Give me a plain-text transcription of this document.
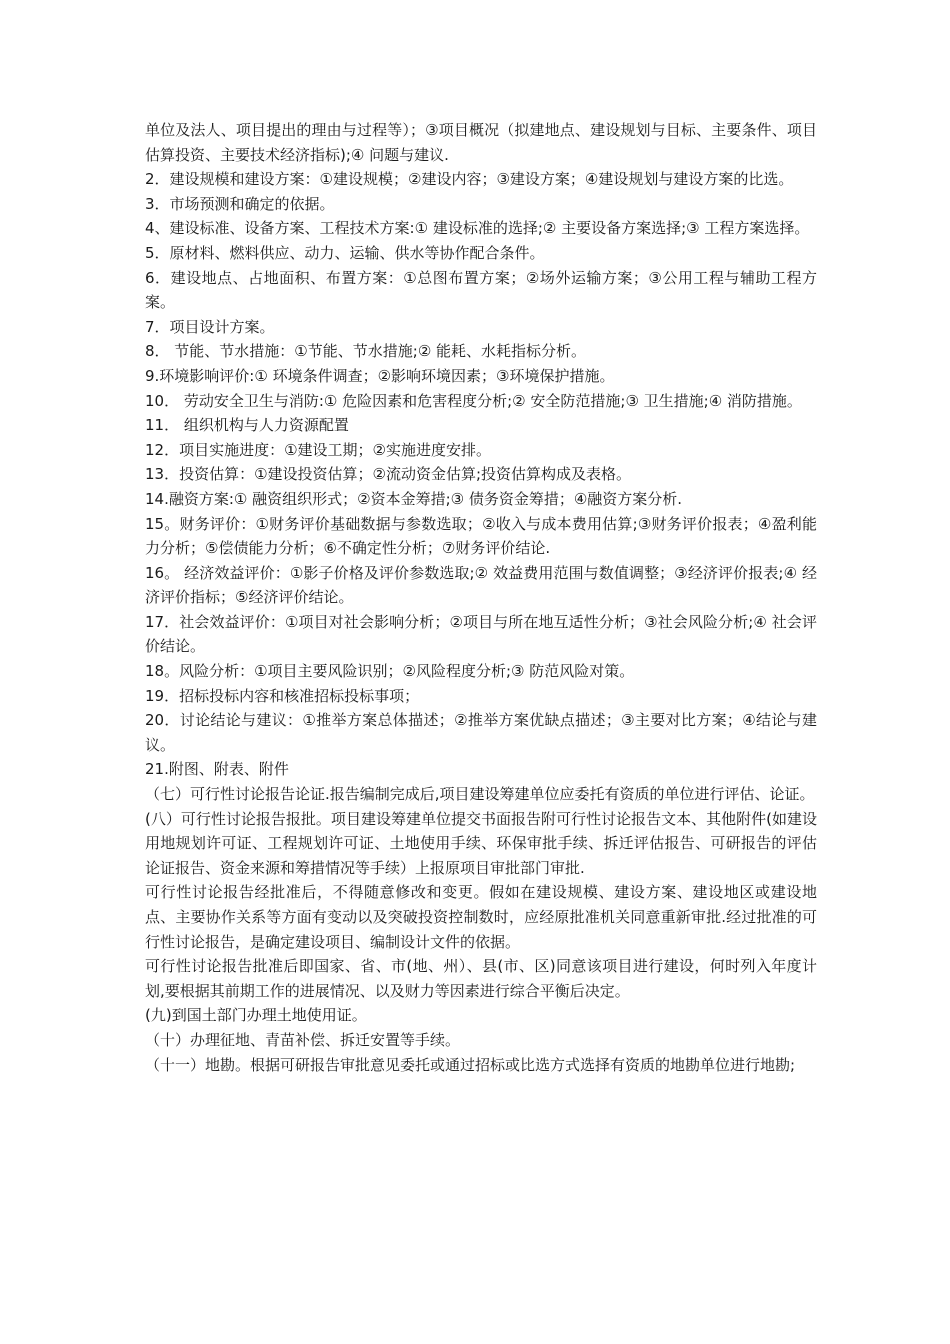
单位及法人、项目提出的理由与过程等）；③项目概况（拟建地点、建设规划与目标、主要条件、项目估算投资、主要技术经济指标);④ 问题与建议.

2．建设规模和建设方案：①建设规模；②建设内容；③建设方案；④建设规划与建设方案的比选。

3．市场预测和确定的依据。

4、建设标准、设备方案、工程技术方案:① 建设标准的选择;② 主要设备方案选择;③ 工程方案选择。

5．原材料、燃料供应、动力、运输、供水等协作配合条件。

6．建设地点、占地面积、布置方案：①总图布置方案；②场外运输方案；③公用工程与辅助工程方案。

7．项目设计方案。

8． 节能、节水措施：①节能、节水措施;② 能耗、水耗指标分析。

9.环境影响评价:① 环境条件调查；②影响环境因素；③环境保护措施。

10． 劳动安全卫生与消防:① 危险因素和危害程度分析;② 安全防范措施;③ 卫生措施;④ 消防措施。

11． 组织机构与人力资源配置

12．项目实施进度：①建设工期；②实施进度安排。

13．投资估算：①建设投资估算；②流动资金估算;投资估算构成及表格。

14.融资方案:① 融资组织形式；②资本金筹措;③ 债务资金筹措；④融资方案分析.

15。财务评价：①财务评价基础数据与参数选取；②收入与成本费用估算;③财务评价报表；④盈利能力分析；⑤偿债能力分析；⑥不确定性分析；⑦财务评价结论.

16。 经济效益评价：①影子价格及评价参数选取;② 效益费用范围与数值调整；③经济评价报表;④ 经济评价指标；⑤经济评价结论。

17．社会效益评价：①项目对社会影响分析；②项目与所在地互适性分析；③社会风险分析;④ 社会评价结论。

18。风险分析：①项目主要风险识别；②风险程度分析;③ 防范风险对策。

19．招标投标内容和核准招标投标事项；

20．讨论结论与建议：①推举方案总体描述；②推举方案优缺点描述；③主要对比方案；④结论与建议。

21.附图、附表、附件

（七）可行性讨论报告论证.报告编制完成后,项目建设筹建单位应委托有资质的单位进行评估、论证。

(八）可行性讨论报告报批。项目建设筹建单位提交书面报告附可行性讨论报告文本、其他附件(如建设用地规划许可证、工程规划许可证、土地使用手续、环保审批手续、拆迁评估报告、可研报告的评估论证报告、资金来源和筹措情况等手续）上报原项目审批部门审批.

可行性讨论报告经批准后，不得随意修改和变更。假如在建设规模、建设方案、建设地区或建设地点、主要协作关系等方面有变动以及突破投资控制数时，应经原批准机关同意重新审批.经过批准的可行性讨论报告，是确定建设项目、编制设计文件的依据。

可行性讨论报告批准后即国家、省、市(地、州）、县(市、区)同意该项目进行建设，何时列入年度计划,要根据其前期工作的进展情况、以及财力等因素进行综合平衡后决定。

(九)到国土部门办理土地使用证。

（十）办理征地、青苗补偿、拆迁安置等手续。

（十一）地勘。根据可研报告审批意见委托或通过招标或比选方式选择有资质的地勘单位进行地勘;
